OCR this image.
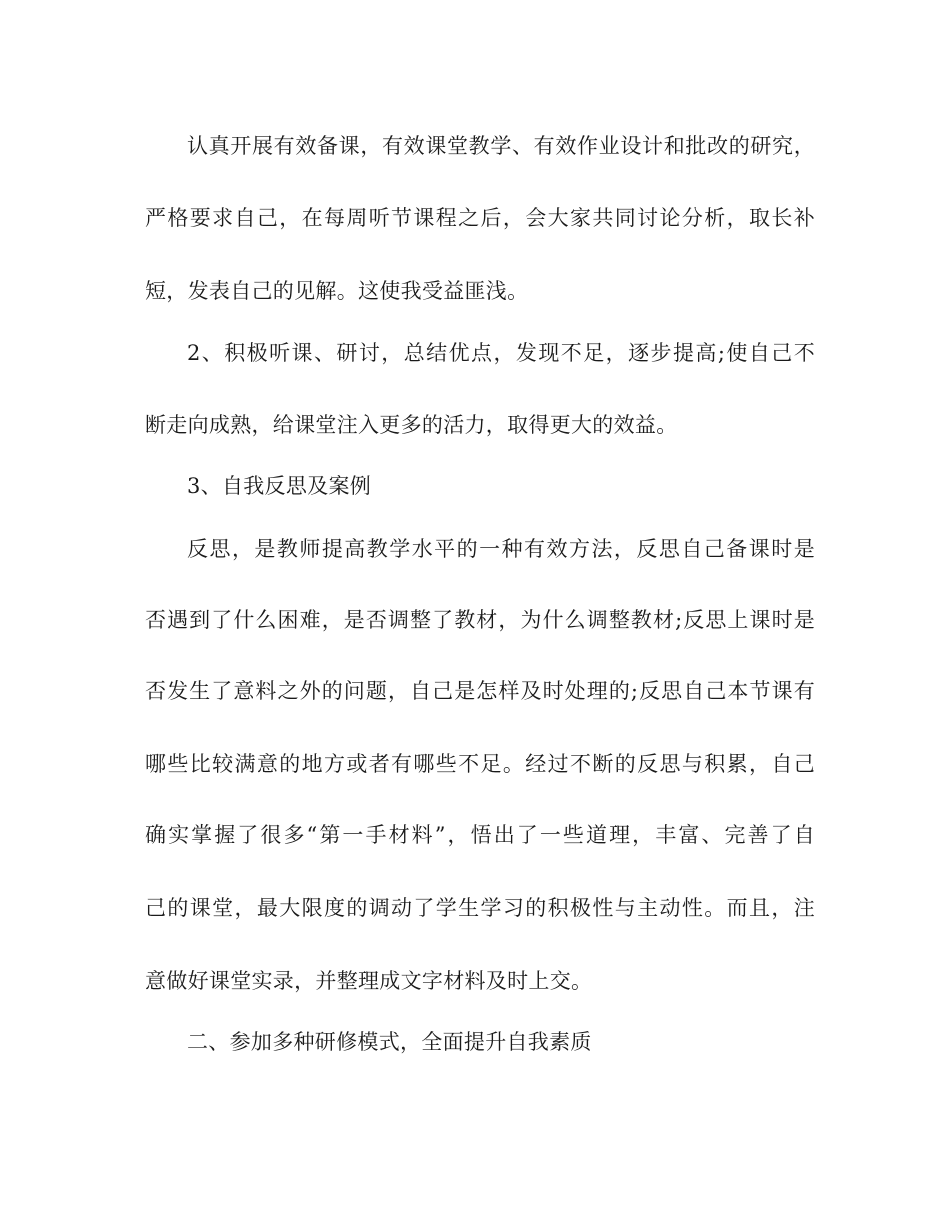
认真开展有效备课，有效课堂教学、有效作业设计和批改的研究，
严格要求自己，在每周听节课程之后，会大家共同讨论分析，取长补
短，发表自己的见解。这使我受益匪浅。
2、积极听课、研讨，总结优点，发现不足，逐步提高;使自己不
断走向成熟，给课堂注入更多的活力，取得更大的效益。
3、自我反思及案例
反思，是教师提高教学水平的一种有效方法，反思自己备课时是
否遇到了什么困难，是否调整了教材，为什么调整教材;反思上课时是
否发生了意料之外的问题，自己是怎样及时处理的;反思自己本节课有
哪些比较满意的地方或者有哪些不足。经过不断的反思与积累，自己
确实掌握了很多“第一手材料”，悟出了一些道理，丰富、完善了自
己的课堂，最大限度的调动了学生学习的积极性与主动性。而且，注
意做好课堂实录，并整理成文字材料及时上交。
二、参加多种研修模式，全面提升自我素质
